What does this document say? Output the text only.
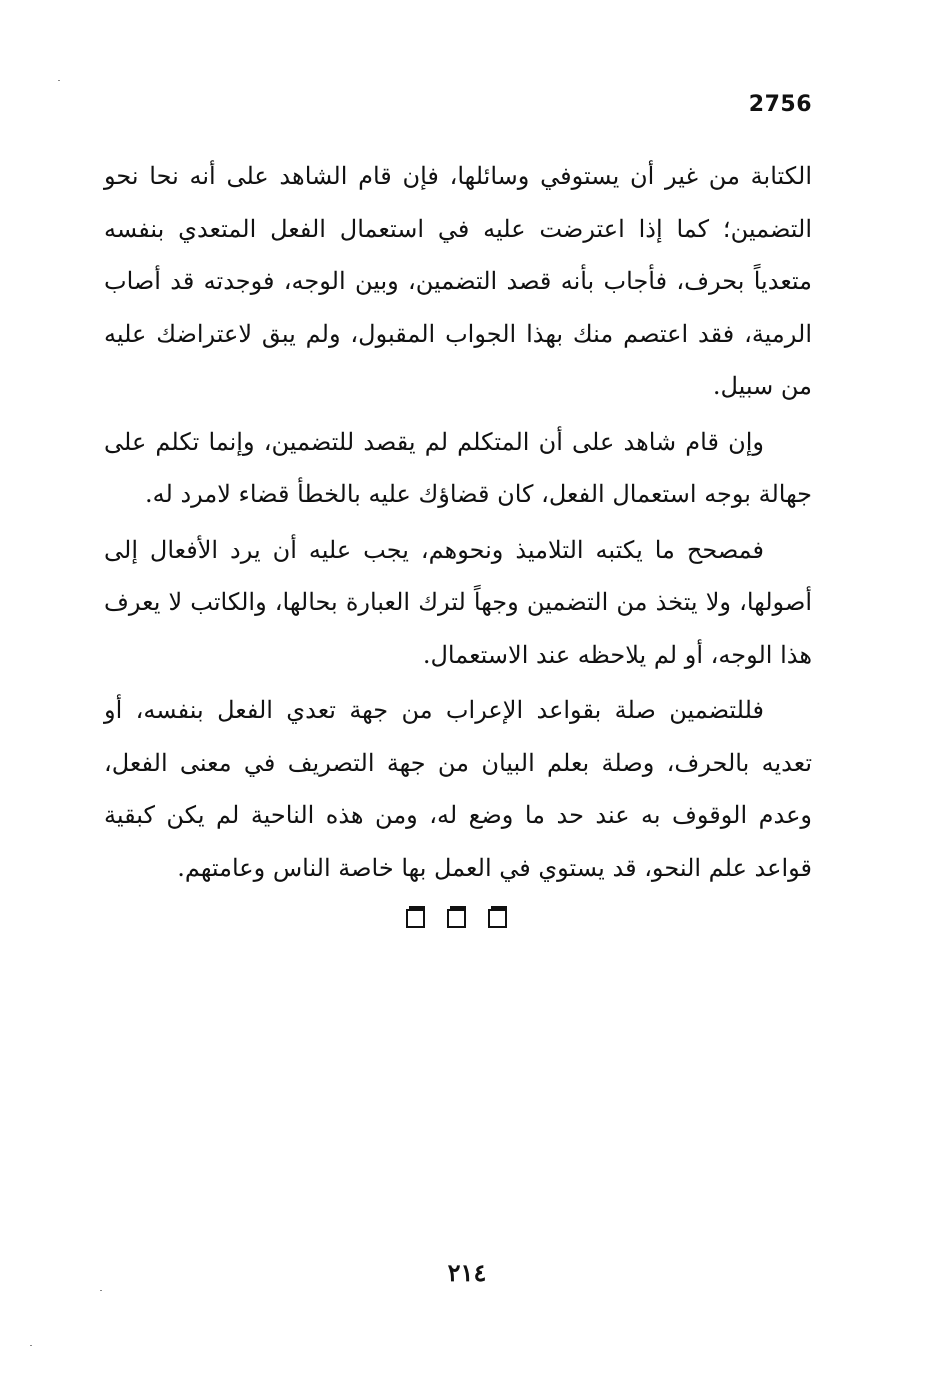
2756

الكتابة من غير أن يستوفي وسائلها، فإن قام الشاهد على أنه نحا نحو التضمين؛ كما إذا اعترضت عليه في استعمال الفعل المتعدي بنفسه متعدياً بحرف، فأجاب بأنه قصد التضمين، وبين الوجه، فوجدته قد أصاب الرمية، فقد اعتصم منك بهذا الجواب المقبول، ولم يبق لاعتراضك عليه من سبيل.

وإن قام شاهد على أن المتكلم لم يقصد للتضمين، وإنما تكلم على جهالة بوجه استعمال الفعل، كان قضاؤك عليه بالخطأ قضاء لامرد له.

فمصحح ما يكتبه التلاميذ ونحوهم، يجب عليه أن يرد الأفعال إلى أصولها، ولا يتخذ من التضمين وجهاً لترك العبارة بحالها، والكاتب لا يعرف هذا الوجه، أو لم يلاحظه عند الاستعمال.

فللتضمين صلة بقواعد الإعراب من جهة تعدي الفعل بنفسه، أو تعديه بالحرف، وصلة بعلم البيان من جهة التصريف في معنى الفعل، وعدم الوقوف به عند حد ما وضع له، ومن هذه الناحية لم يكن كبقية قواعد علم النحو، قد يستوي في العمل بها خاصة الناس وعامتهم.

٢١٤
